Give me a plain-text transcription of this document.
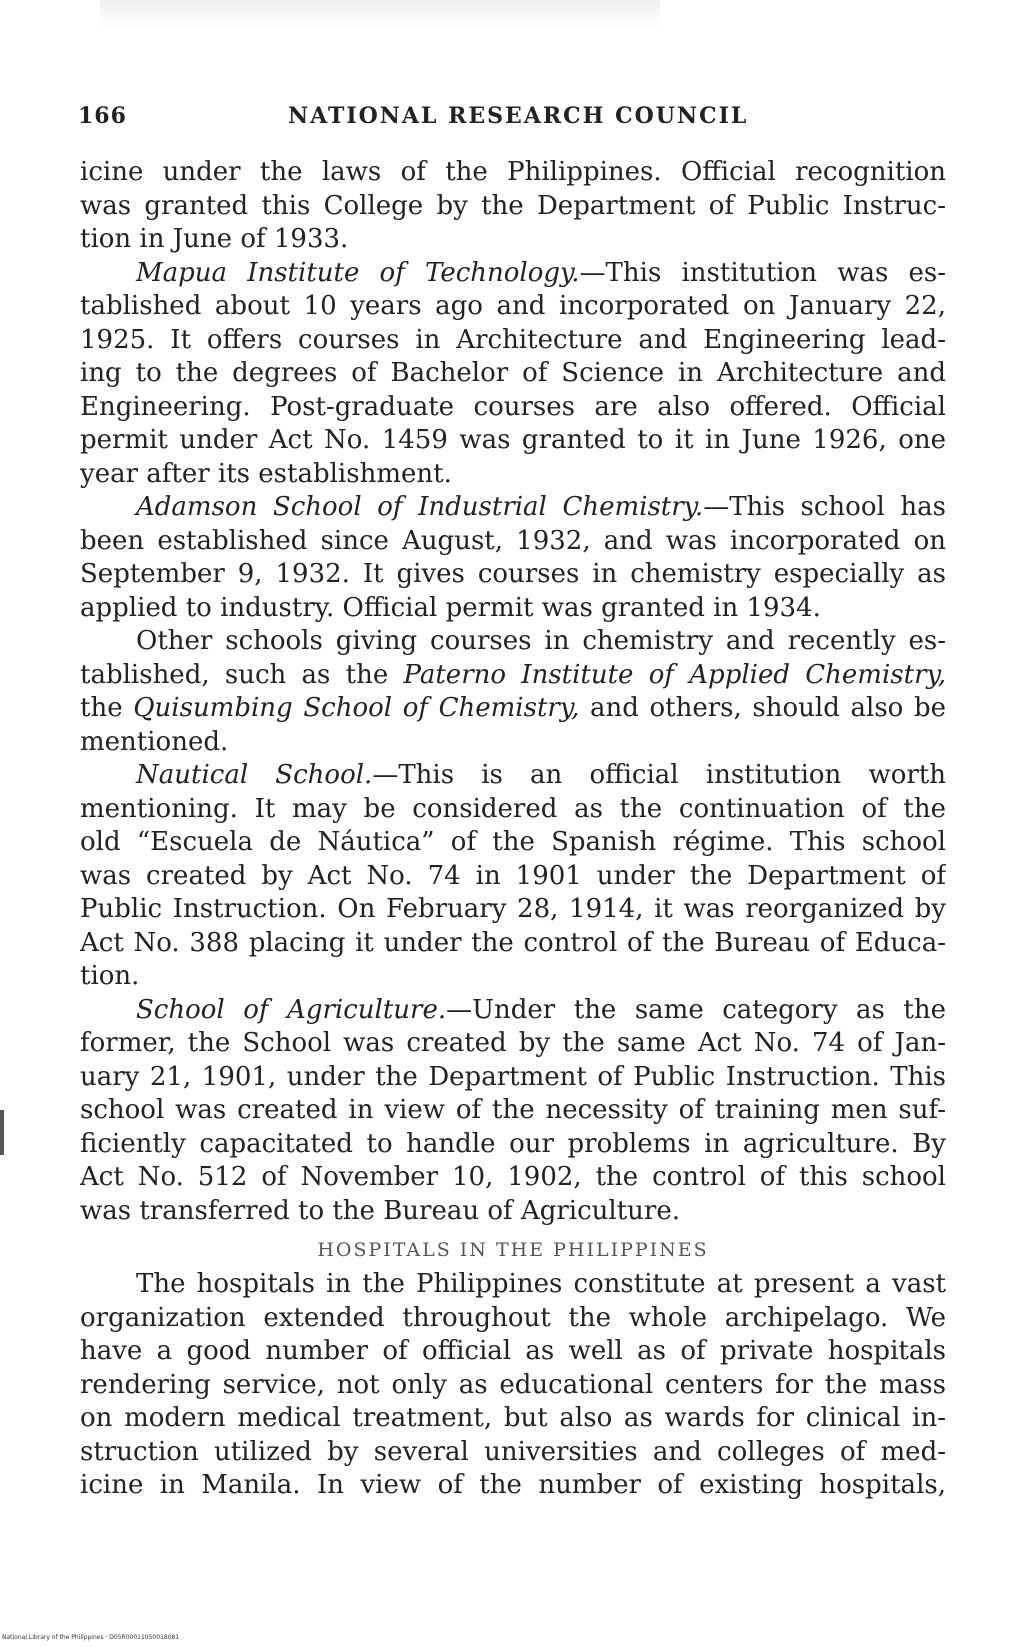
166	NATIONAL RESEARCH COUNCIL
icine under the laws of the Philippines. Official recognition
was granted this College by the Department of Public Instruc-
tion in June of 1933.
Mapua Institute of Technology.—This institution was es-
tablished about 10 years ago and incorporated on January 22,
1925. It offers courses in Architecture and Engineering lead-
ing to the degrees of Bachelor of Science in Architecture and
Engineering. Post-graduate courses are also offered. Official
permit under Act No. 1459 was granted to it in June 1926, one
year after its establishment.
Adamson School of Industrial Chemistry.—This school has
been established since August, 1932, and was incorporated on
September 9, 1932. It gives courses in chemistry especially as
applied to industry. Official permit was granted in 1934.
Other schools giving courses in chemistry and recently es-
tablished, such as the Paterno Institute of Applied Chemistry,
the Quisumbing School of Chemistry, and others, should also be
mentioned.
Nautical School.—This is an official institution worth
mentioning. It may be considered as the continuation of the
old “Escuela de Náutica” of the Spanish régime. This school
was created by Act No. 74 in 1901 under the Department of
Public Instruction. On February 28, 1914, it was reorganized by
Act No. 388 placing it under the control of the Bureau of Educa-
tion.
School of Agriculture.—Under the same category as the
former, the School was created by the same Act No. 74 of Jan-
uary 21, 1901, under the Department of Public Instruction. This
school was created in view of the necessity of training men suf-
ficiently capacitated to handle our problems in agriculture. By
Act No. 512 of November 10, 1902, the control of this school
was transferred to the Bureau of Agriculture.
HOSPITALS IN THE PHILIPPINES
The hospitals in the Philippines constitute at present a vast
organization extended throughout the whole archipelago. We
have a good number of official as well as of private hospitals
rendering service, not only as educational centers for the mass
on modern medical treatment, but also as wards for clinical in-
struction utilized by several universities and colleges of med-
icine in Manila. In view of the number of existing hospitals,
National Library of the Philippines · D05R00011050018081
